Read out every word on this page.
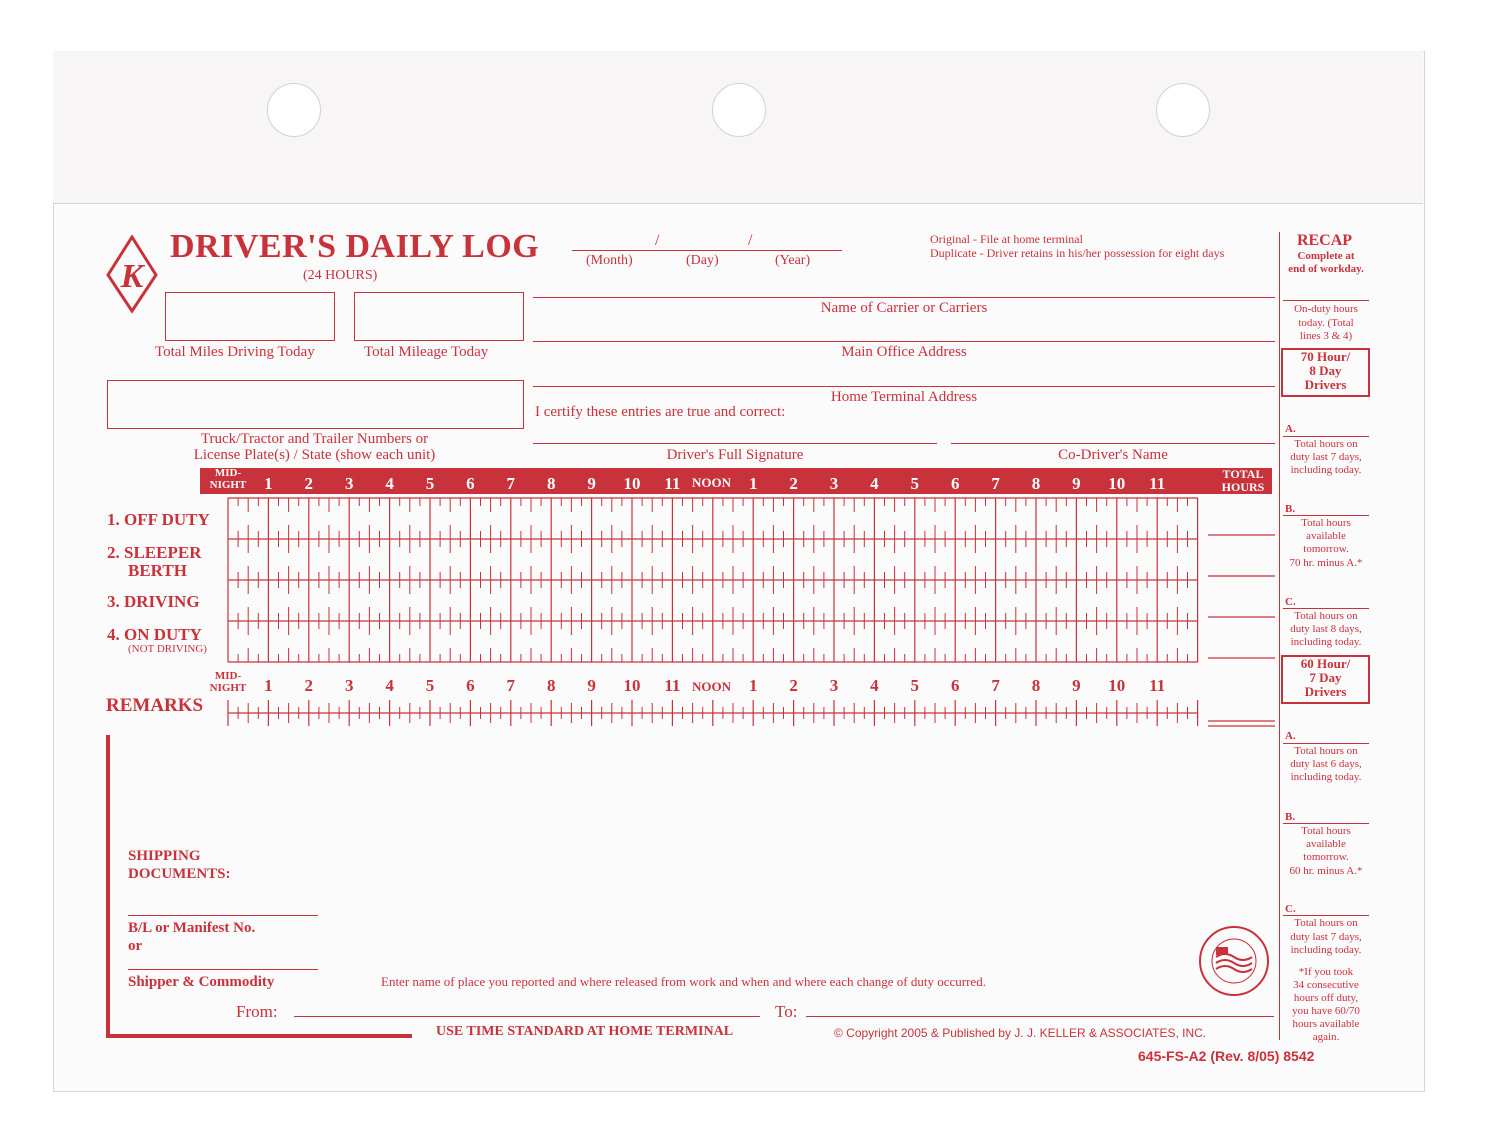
K
DRIVER'S DAILY LOG
(24 HOURS)
/	/
(Month)	(Day)	(Year)
Original - File at home terminal
Duplicate - Driver retains in his/her possession for eight days
Total Miles Driving Today	Total Mileage Today
Truck/Tractor and Trailer Numbers or
License Plate(s) / State (show each unit)
Name of Carrier or Carriers
Main Office Address
Home Terminal Address
I certify these entries are true and correct:
Driver's Full Signature	Co-Driver's Name
MID-
NIGHT	NOON
TOTAL
HOURS
1	2	3	4	5	6	7	8	9	10	11	1	2	3	4	5	6	7	8	9	10	11
1. OFF DUTY
2. SLEEPER
BERTH
3. DRIVING
4. ON DUTY
(NOT DRIVING)
MID-
NIGHT	NOON
1	2	3	4	5	6	7	8	9	10	11	1	2	3	4	5	6	7	8	9	10	11
REMARKS
SHIPPING
DOCUMENTS:
B/L or Manifest No.
or
Shipper & Commodity	Enter name of place you reported and where released from work and when and where each change of duty occurred.
From:	To:
USE TIME STANDARD AT HOME TERMINAL	© Copyright 2005 & Published by J. J. KELLER & ASSOCIATES, INC.
645-FS-A2 (Rev. 8/05) 8542
RECAP
Complete at
end of workday.
On-duty hours
today. (Total
lines 3 & 4)
70 Hour/
8 Day
Drivers
A.
Total hours on
duty last 7 days,
including today.
B.
Total hours
available
tomorrow.
70 hr. minus A.*
C.
Total hours on
duty last 8 days,
including today.
60 Hour/
7 Day
Drivers
A.
Total hours on
duty last 6 days,
including today.
B.
Total hours
available
tomorrow.
60 hr. minus A.*
C.
Total hours on
duty last 7 days,
including today.
*If you took
34 consecutive
hours off duty,
you have 60/70
hours available
again.
